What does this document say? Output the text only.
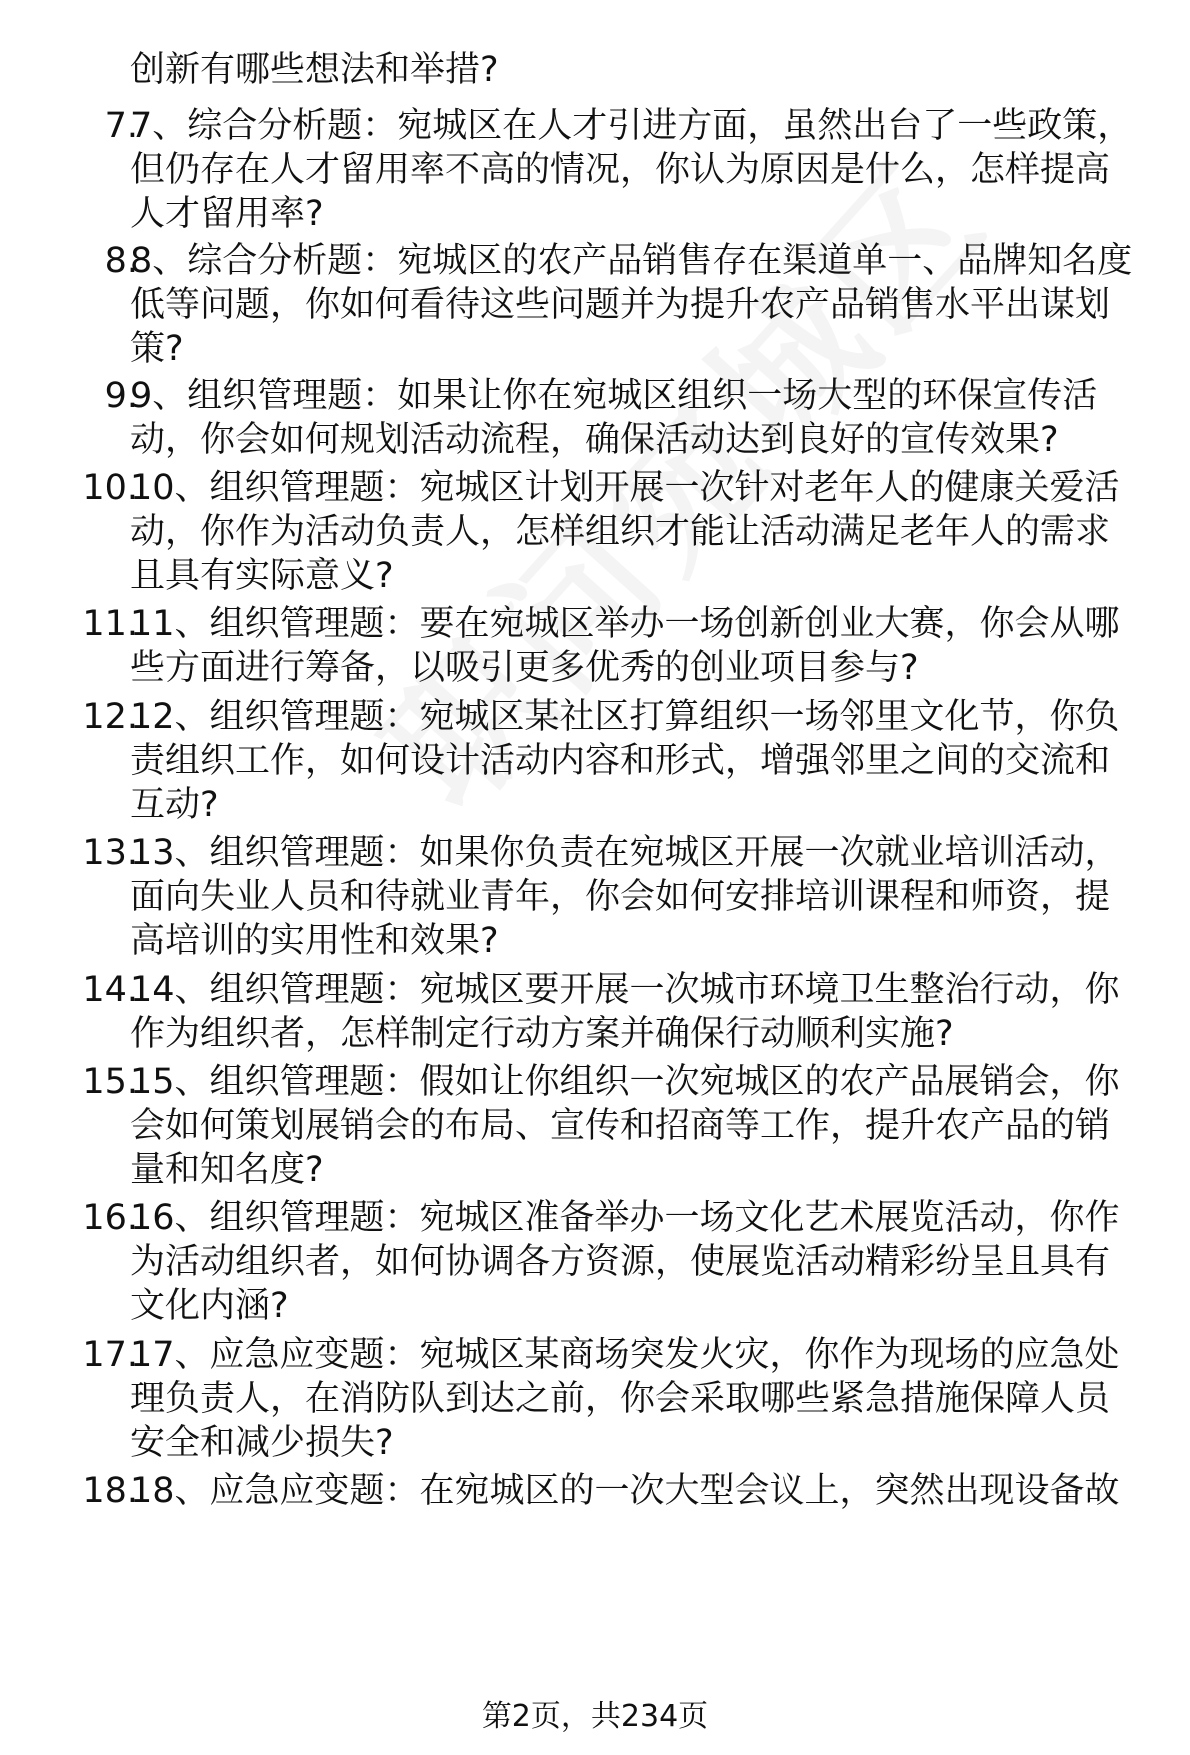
创新有哪些想法和举措?
7.
7、综合分析题：宛城区在人才引进方面，虽然出台了一些政策，
但仍存在人才留用率不高的情况，你认为原因是什么，怎样提高
人才留用率?
8.
8、综合分析题：宛城区的农产品销售存在渠道单一、品牌知名度
低等问题，你如何看待这些问题并为提升农产品销售水平出谋划
策?
9.
9、组织管理题：如果让你在宛城区组织一场大型的环保宣传活
动，你会如何规划活动流程，确保活动达到良好的宣传效果?
10.
10、组织管理题：宛城区计划开展一次针对老年人的健康关爱活
动，你作为活动负责人，怎样组织才能让活动满足老年人的需求
且具有实际意义?
11.
11、组织管理题：要在宛城区举办一场创新创业大赛，你会从哪
些方面进行筹备，以吸引更多优秀的创业项目参与?
12.
12、组织管理题：宛城区某社区打算组织一场邻里文化节，你负
责组织工作，如何设计活动内容和形式，增强邻里之间的交流和
互动?
13.
13、组织管理题：如果你负责在宛城区开展一次就业培训活动，
面向失业人员和待就业青年，你会如何安排培训课程和师资，提
高培训的实用性和效果?
14.
14、组织管理题：宛城区要开展一次城市环境卫生整治行动，你
作为组织者，怎样制定行动方案并确保行动顺利实施?
15.
15、组织管理题：假如让你组织一次宛城区的农产品展销会，你
会如何策划展销会的布局、宣传和招商等工作，提升农产品的销
量和知名度?
16.
16、组织管理题：宛城区准备举办一场文化艺术展览活动，你作
为活动组织者，如何协调各方资源，使展览活动精彩纷呈且具有
文化内涵?
17.
17、应急应变题：宛城区某商场突发火灾，你作为现场的应急处
理负责人，在消防队到达之前，你会采取哪些紧急措施保障人员
安全和减少损失?
18.
18、应急应变题：在宛城区的一次大型会议上，突然出现设备故
第2页，共234页
